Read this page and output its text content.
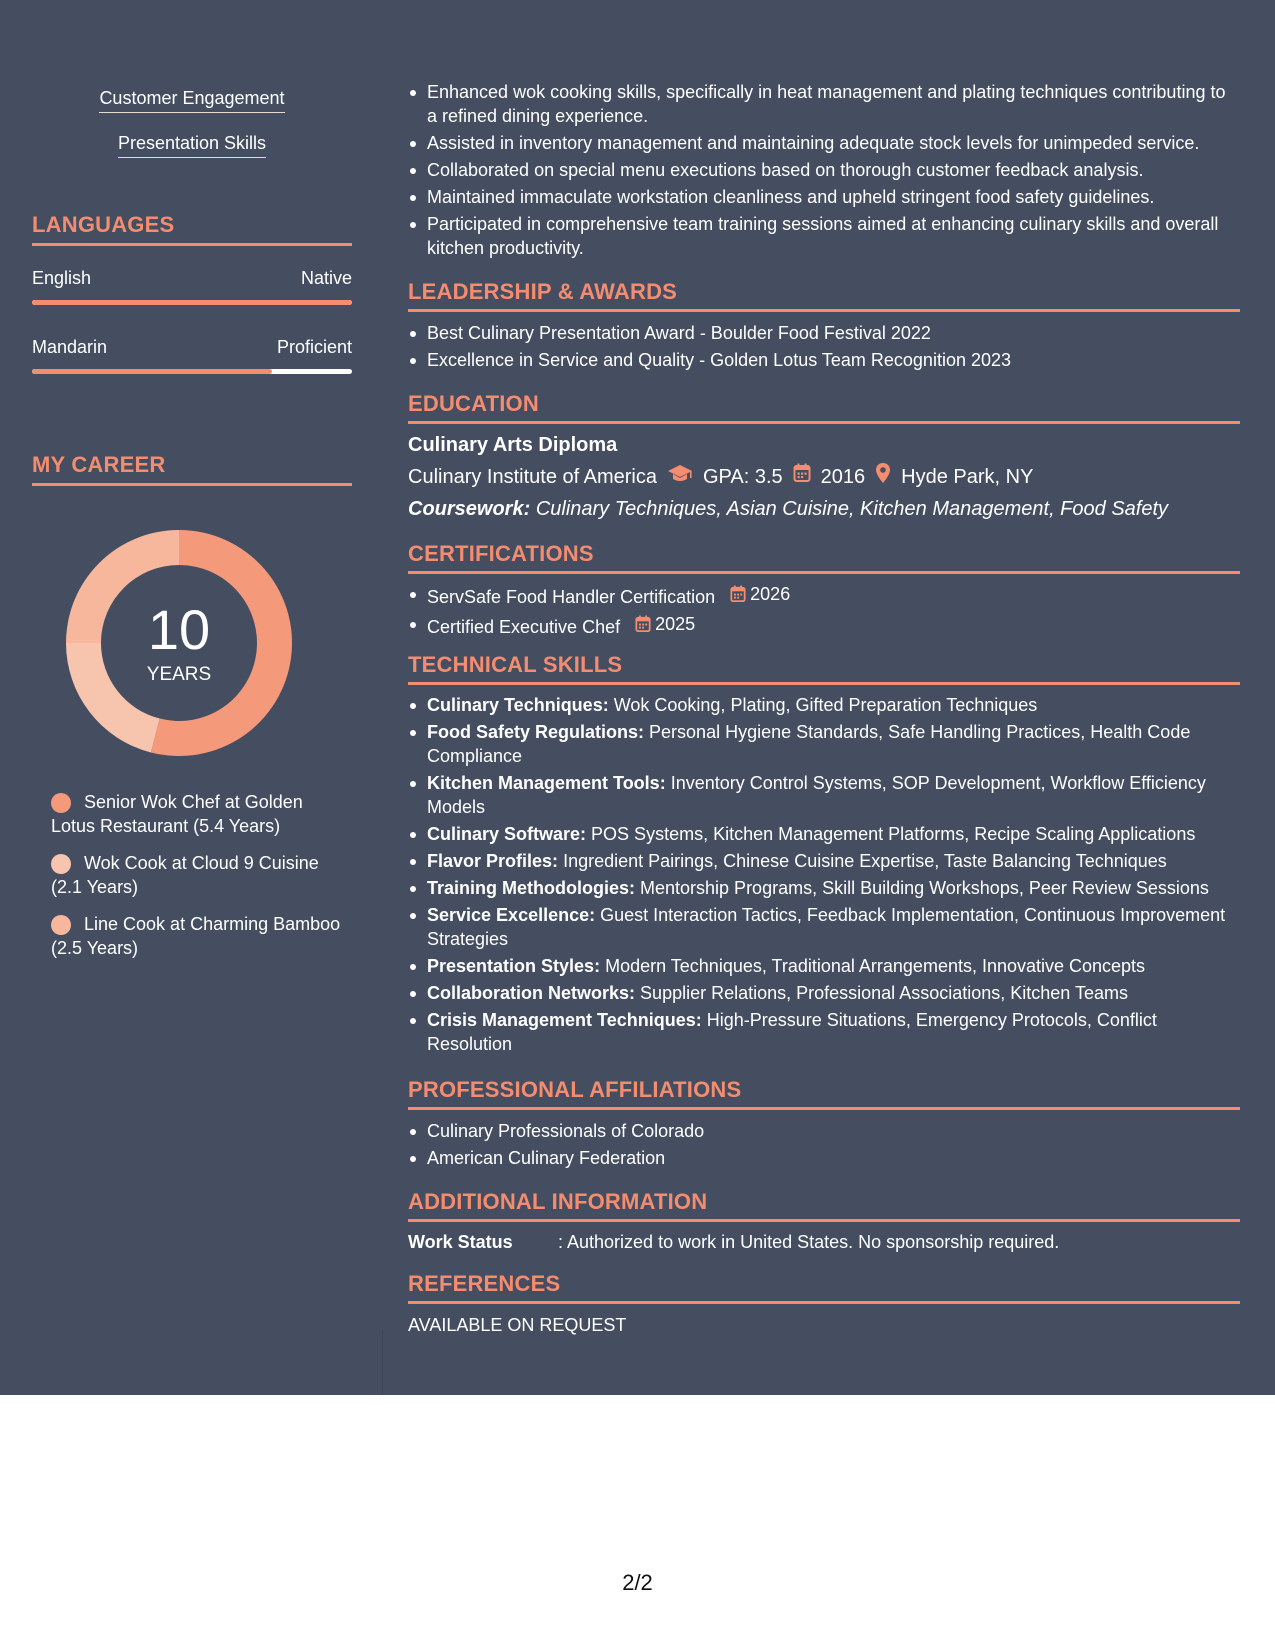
Customer Engagement
Presentation Skills
LANGUAGES
English	Native
Mandarin	Proficient
MY CAREER
10
YEARS
Senior Wok Chef at Golden Lotus Restaurant (5.4 Years)
Wok Cook at Cloud 9 Cuisine (2.1 Years)
Line Cook at Charming Bamboo (2.5 Years)
Enhanced wok cooking skills, specifically in heat management and plating techniques contributing to a refined dining experience.
Assisted in inventory management and maintaining adequate stock levels for unimpeded service.
Collaborated on special menu executions based on thorough customer feedback analysis.
Maintained immaculate workstation cleanliness and upheld stringent food safety guidelines.
Participated in comprehensive team training sessions aimed at enhancing culinary skills and overall kitchen productivity.
LEADERSHIP & AWARDS
Best Culinary Presentation Award - Boulder Food Festival 2022
Excellence in Service and Quality - Golden Lotus Team Recognition 2023
EDUCATION
Culinary Arts Diploma
Culinary Institute of America GPA: 3.5 2016 Hyde Park, NY
Coursework: Culinary Techniques, Asian Cuisine, Kitchen Management, Food Safety
CERTIFICATIONS
ServSafe Food Handler Certification 2026
Certified Executive Chef 2025
TECHNICAL SKILLS
Culinary Techniques: Wok Cooking, Plating, Gifted Preparation Techniques
Food Safety Regulations: Personal Hygiene Standards, Safe Handling Practices, Health Code Compliance
Kitchen Management Tools: Inventory Control Systems, SOP Development, Workflow Efficiency Models
Culinary Software: POS Systems, Kitchen Management Platforms, Recipe Scaling Applications
Flavor Profiles: Ingredient Pairings, Chinese Cuisine Expertise, Taste Balancing Techniques
Training Methodologies: Mentorship Programs, Skill Building Workshops, Peer Review Sessions
Service Excellence: Guest Interaction Tactics, Feedback Implementation, Continuous Improvement Strategies
Presentation Styles: Modern Techniques, Traditional Arrangements, Innovative Concepts
Collaboration Networks: Supplier Relations, Professional Associations, Kitchen Teams
Crisis Management Techniques: High-Pressure Situations, Emergency Protocols, Conflict Resolution
PROFESSIONAL AFFILIATIONS
Culinary Professionals of Colorado
American Culinary Federation
ADDITIONAL INFORMATION
Work Status	: Authorized to work in United States. No sponsorship required.
REFERENCES
AVAILABLE ON REQUEST
2/2
